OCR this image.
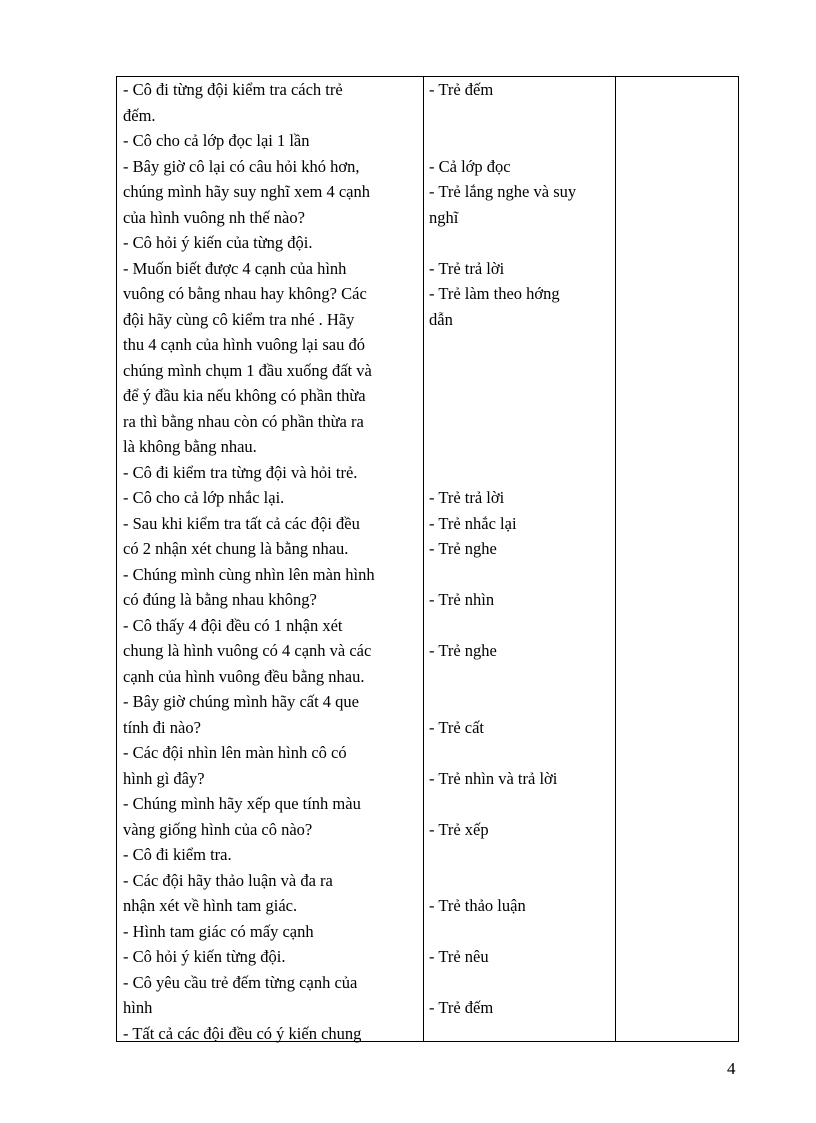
- Cô đi từng đội kiểm tra cách trẻ
đếm.
- Cô cho cả lớp đọc lại 1 lần
- Bây giờ cô lại có câu hỏi khó hơn,
chúng mình hãy suy nghĩ xem 4 cạnh
của hình vuông nh thế nào?
- Cô hỏi ý kiến của từng đội.
- Muốn biết được 4 cạnh của hình
vuông có bằng nhau hay không? Các
đội hãy cùng cô kiểm tra nhé . Hãy
thu 4 cạnh của hình vuông lại sau đó
chúng mình chụm 1 đầu xuống đất và
để ý đầu kia nếu không có phần thừa
ra thì bằng nhau còn có phần thừa ra
là không bằng nhau.
- Cô đi kiểm tra từng đội và hỏi trẻ.
- Cô cho cả lớp nhắc lại.
- Sau khi kiểm tra tất cả các đội đều
có 2 nhận xét chung là bằng nhau.
- Chúng mình cùng nhìn lên màn hình
có đúng là bằng nhau không?
- Cô thấy 4 đội đều có 1 nhận xét
chung là hình vuông có 4 cạnh và các
cạnh của hình vuông đều bằng nhau.
- Bây giờ chúng mình hãy cất 4 que
tính đi nào?
- Các đội nhìn lên màn hình cô có
hình gì đây?
- Chúng mình hãy xếp que tính màu
vàng giống hình của cô nào?
- Cô đi kiểm tra.
- Các đội hãy thảo luận và đa ra
nhận xét về hình tam giác.
- Hình tam giác có mấy cạnh
- Cô hỏi ý kiến từng đội.
- Cô yêu cầu trẻ đếm từng cạnh của
hình
- Tất cả các đội đều có ý kiến chung
- Trẻ đếm
- Cả lớp đọc
- Trẻ lắng nghe và suy
nghĩ
- Trẻ trả lời
- Trẻ làm theo hớng
dẫn
- Trẻ trả lời
- Trẻ nhắc lại
- Trẻ nghe
- Trẻ nhìn
- Trẻ nghe
- Trẻ cất
- Trẻ nhìn và trả lời
- Trẻ xếp
- Trẻ thảo luận
- Trẻ nêu
- Trẻ đếm
4
